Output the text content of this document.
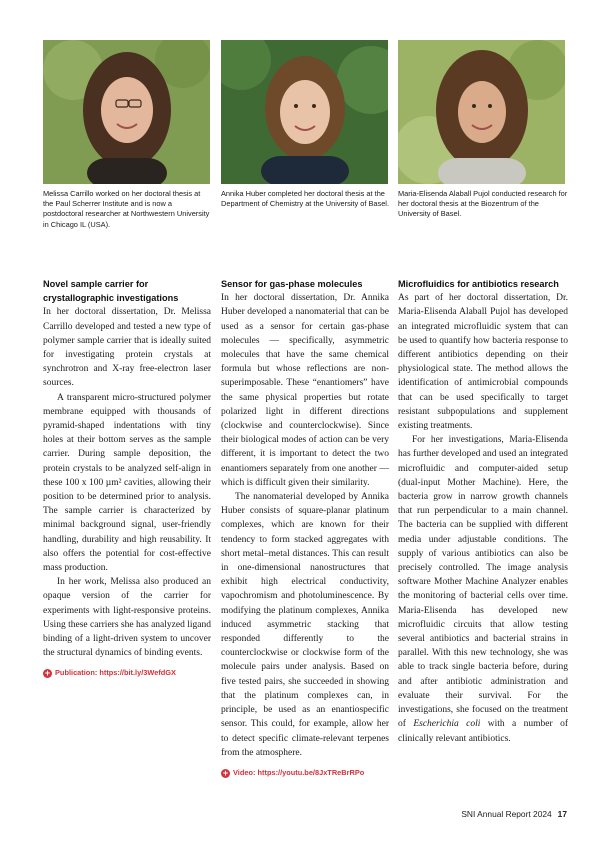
Melissa Carrillo worked on her doctoral thesis at the Paul Scherrer Institute and is now a postdoctoral researcher at Northwestern University in Chicago IL (USA).
Annika Huber completed her doctoral thesis at the Department of Chemistry at the University of Basel.
Maria-Elisenda Alaball Pujol conducted research for her doctoral thesis at the Biozentrum of the University of Basel.
Novel sample carrier for crystallographic investigations

In her doctoral dissertation, Dr. Melissa Carrillo developed and tested a new type of polymer sample carrier that is ideally suited for investigating protein crystals at synchrotron and X-ray free-electron laser sources.

A transparent micro-structured polymer membrane equipped with thousands of pyramid-shaped indentations with tiny holes at their bottom serves as the sample carrier. During sample deposition, the protein crystals to be analyzed self-align in these 100 x 100 µm² cavities, allowing their position to be determined prior to analysis. The sample carrier is characterized by minimal background signal, user-friendly handling, durability and high reusability. It also offers the potential for cost-effective mass production.

In her work, Melissa also produced an opaque version of the carrier for experiments with light-responsive proteins. Using these carriers she has analyzed ligand binding of a light-driven system to uncover the structural dynamics of binding events.

+ Publication: https://bit.ly/3WefdGX
Sensor for gas-phase molecules

In her doctoral dissertation, Dr. Annika Huber developed a nanomaterial that can be used as a sensor for certain gas-phase molecules — specifically, asymmetric molecules that have the same chemical formula but whose reflections are non-superimposable. These “enantiomers” have the same physical properties but rotate polarized light in different directions (clockwise and counterclockwise). Since their biological modes of action can be very different, it is important to detect the two enantiomers separately from one another — which is difficult given their similarity.

The nanomaterial developed by Annika Huber consists of square-planar platinum complexes, which are known for their tendency to form stacked aggregates with short metal–metal distances. This can result in one-dimensional nanostructures that exhibit high electrical conductivity, vapochromism and photoluminescence. By modifying the platinum complexes, Annika induced asymmetric stacking that responded differently to the counterclockwise or clockwise form of the molecule pairs under analysis. Based on five tested pairs, she succeeded in showing that the platinum complexes can, in principle, be used as an enantiospecific sensor. This could, for example, allow her to detect specific climate-relevant terpenes from the atmosphere.

+ Video: https://youtu.be/8JxTReBrRPo
Microfluidics for antibiotics research

As part of her doctoral dissertation, Dr. Maria-Elisenda Alaball Pujol has developed an integrated microfluidic system that can be used to quantify how bacteria response to different antibiotics depending on their physiological state. The method allows the identification of antimicrobial compounds that can be used specifically to target resistant subpopulations and supplement existing treatments.

For her investigations, Maria-Elisenda has further developed and used an integrated microfluidic and computer-aided setup (dual-input Mother Machine). Here, the bacteria grow in narrow growth channels that run perpendicular to a main channel. The bacteria can be supplied with different media under adjustable conditions. The supply of various antibiotics can also be precisely controlled. The image analysis software Mother Machine Analyzer enables the monitoring of bacterial cells over time. Maria-Elisenda has developed new microfluidic circuits that allow testing several antibiotics and bacterial strains in parallel. With this new technology, she was able to track single bacteria before, during and after antibiotic administration and evaluate their survival. For the investigations, she focused on the treatment of Escherichia coli with a number of clinically relevant antibiotics.

SNI Annual Report 2024 17
